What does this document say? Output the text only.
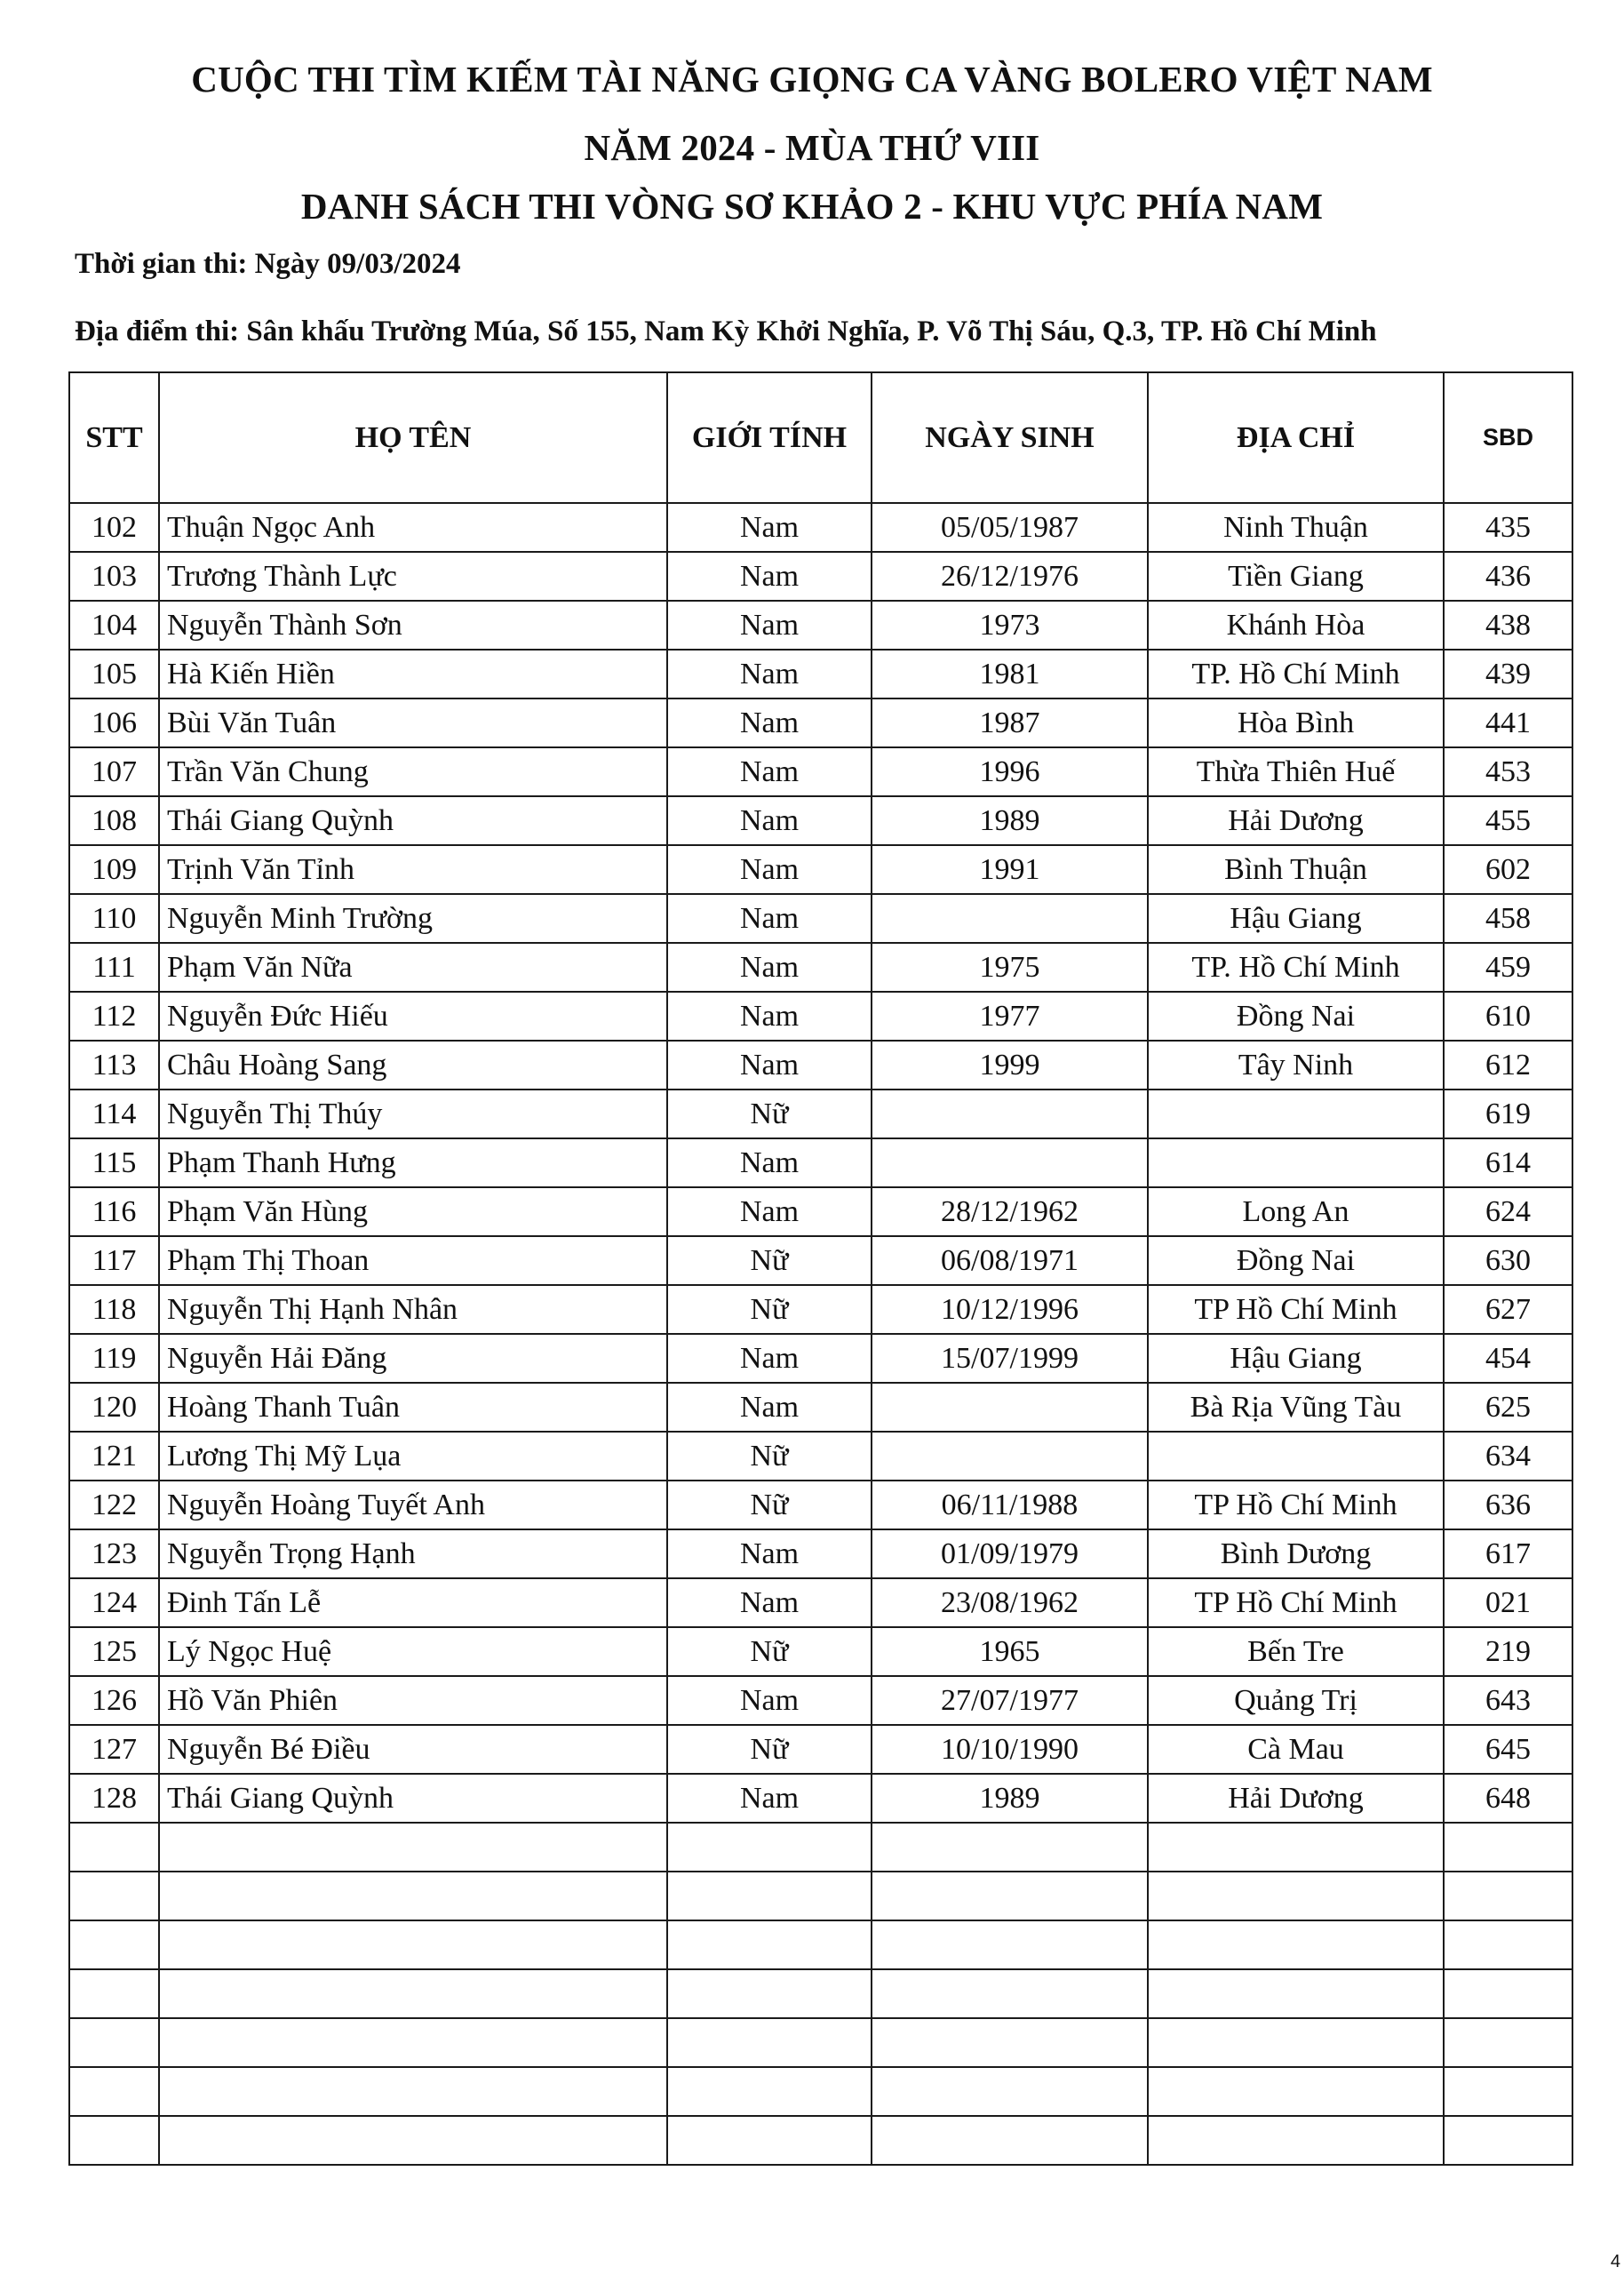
CUỘC THI TÌM KIẾM TÀI NĂNG GIỌNG CA VÀNG BOLERO VIỆT NAM
NĂM 2024 - MÙA THỨ VIII
DANH SÁCH THI VÒNG SƠ KHẢO 2 - KHU VỰC PHÍA NAM
Thời gian thi: Ngày 09/03/2024
Địa điểm thi: Sân khấu Trường Múa, Số 155, Nam Kỳ Khởi Nghĩa, P. Võ Thị Sáu, Q.3, TP. Hồ Chí Minh
STT	HỌ TÊN	GIỚI TÍNH	NGÀY SINH	ĐỊA CHỈ	SBD
102	Thuận Ngọc Anh	Nam	05/05/1987	Ninh Thuận	435
103	Trương Thành Lực	Nam	26/12/1976	Tiền Giang	436
104	Nguyễn Thành Sơn	Nam	1973	Khánh Hòa	438
105	Hà Kiến Hiền	Nam	1981	TP. Hồ Chí Minh	439
106	Bùi Văn Tuân	Nam	1987	Hòa Bình	441
107	Trần Văn Chung	Nam	1996	Thừa Thiên Huế	453
108	Thái Giang Quỳnh	Nam	1989	Hải Dương	455
109	Trịnh Văn Tỉnh	Nam	1991	Bình Thuận	602
110	Nguyễn Minh Trường	Nam		Hậu Giang	458
111	Phạm Văn Nữa	Nam	1975	TP. Hồ Chí Minh	459
112	Nguyễn Đức Hiếu	Nam	1977	Đồng Nai	610
113	Châu Hoàng Sang	Nam	1999	Tây Ninh	612
114	Nguyễn Thị Thúy	Nữ			619
115	Phạm Thanh Hưng	Nam			614
116	Phạm Văn Hùng	Nam	28/12/1962	Long An	624
117	Phạm Thị Thoan	Nữ	06/08/1971	Đồng Nai	630
118	Nguyễn Thị Hạnh Nhân	Nữ	10/12/1996	TP Hồ Chí Minh	627
119	Nguyễn Hải Đăng	Nam	15/07/1999	Hậu Giang	454
120	Hoàng Thanh Tuân	Nam		Bà Rịa Vũng Tàu	625
121	Lương Thị Mỹ Lụa	Nữ			634
122	Nguyễn Hoàng Tuyết Anh	Nữ	06/11/1988	TP Hồ Chí Minh	636
123	Nguyễn Trọng Hạnh	Nam	01/09/1979	Bình Dương	617
124	Đinh Tấn Lễ	Nam	23/08/1962	TP Hồ Chí Minh	021
125	Lý Ngọc Huệ	Nữ	1965	Bến Tre	219
126	Hồ Văn Phiên	Nam	27/07/1977	Quảng Trị	643
127	Nguyễn Bé Điều	Nữ	10/10/1990	Cà Mau	645
128	Thái Giang Quỳnh	Nam	1989	Hải Dương	648

4
